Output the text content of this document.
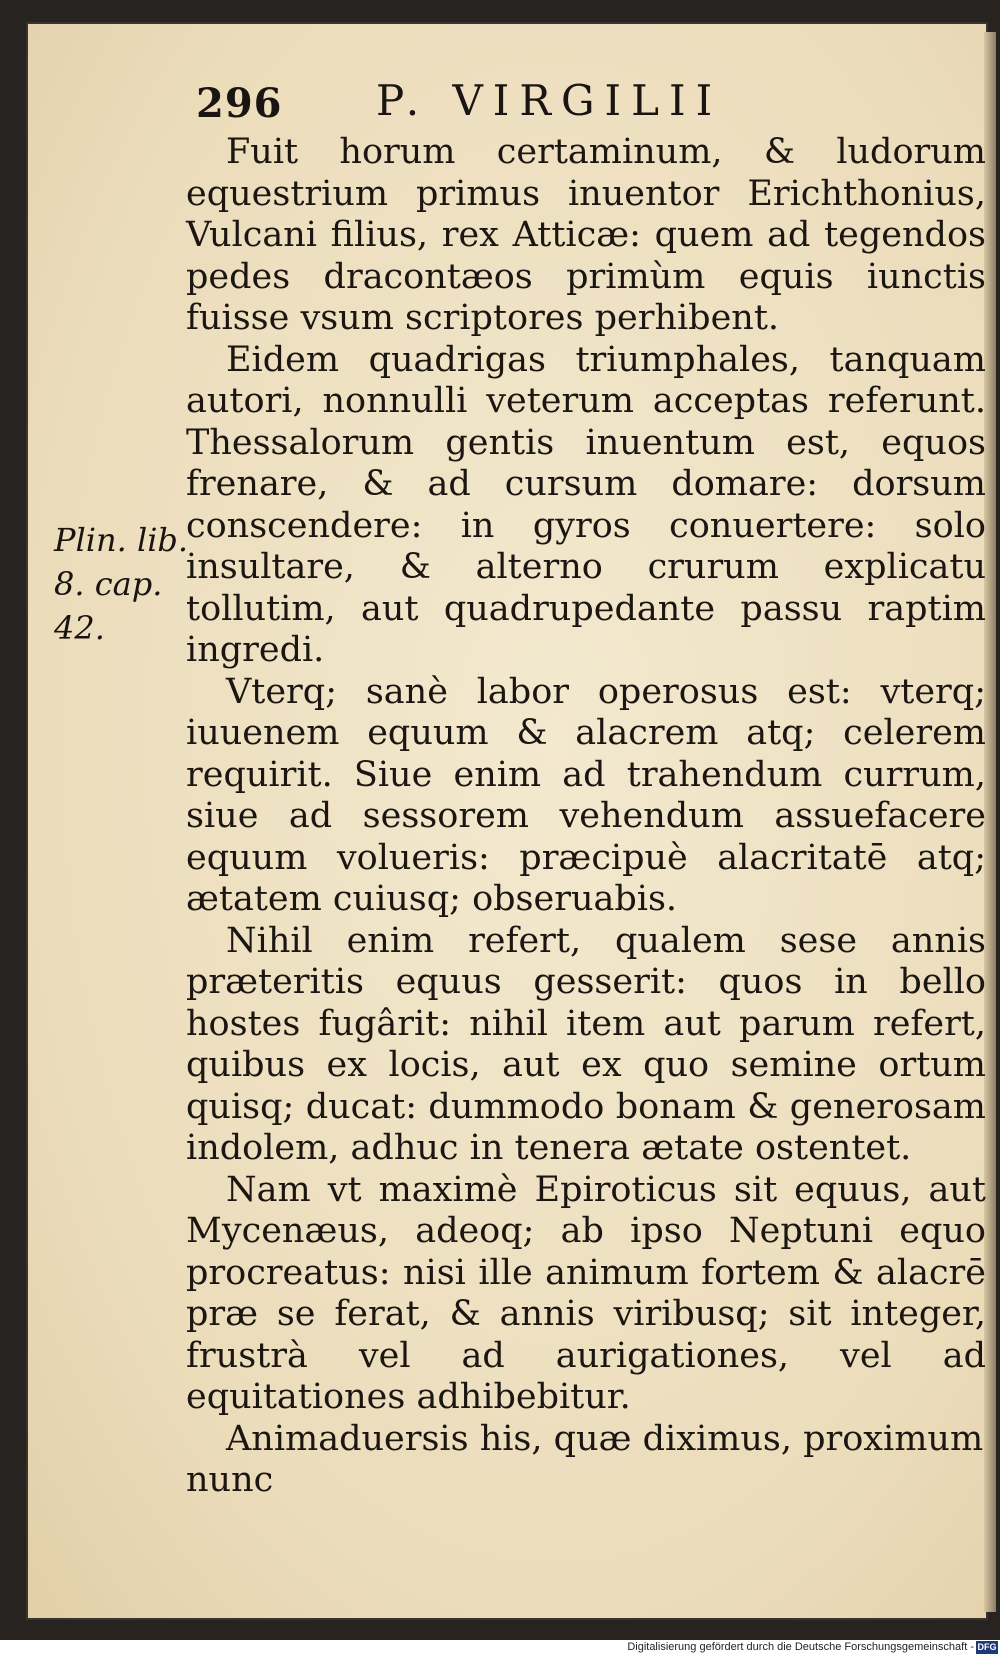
296 P. VIRGILII
Plin. lib.
8. cap. 42.

Fuit horum certaminum, & ludorum equestrium primus inuentor Erichthonius, Vulcani filius, rex Atticæ: quem ad tegendos pedes dracontæos primùm equis iunctis fuisse vsum scriptores perhibent.

Eidem quadrigas triumphales, tanquam autori, nonnulli veterum acceptas referunt. Thessalorum gentis inuentum est, equos frenare, & ad cursum domare: dorsum conscendere: in gyros conuertere: solo insultare, & alterno crurum explicatu tollutim, aut quadrupedante passu raptim ingredi.

Vterq; sanè labor operosus est: vterq; iuuenem equum & alacrem atq; celerem requirit. Siue enim ad trahendum currum, siue ad sessorem vehendum assuefacere equum volueris: præcipuè alacritatē atq; ætatem cuiusq; obseruabis.

Nihil enim refert, qualem sese annis præteritis equus gesserit: quos in bello hostes fugârit: nihil item aut parum refert, quibus ex locis, aut ex quo semine ortum quisq; ducat: dummodo bonam & generosam indolem, adhuc in tenera ætate ostentet.

Nam vt maximè Epiroticus sit equus, aut Mycenæus, adeoq; ab ipso Neptuni equo procreatus: nisi ille animum fortem & alacrē præ se ferat, & annis viribusq; sit integer, frustrà vel ad aurigationes, vel ad equitationes adhibebitur.

Animaduersis his, quæ diximus, proximum

nunc

Digitalisierung gefördert durch die Deutsche Forschungsgemeinschaft - DFG
